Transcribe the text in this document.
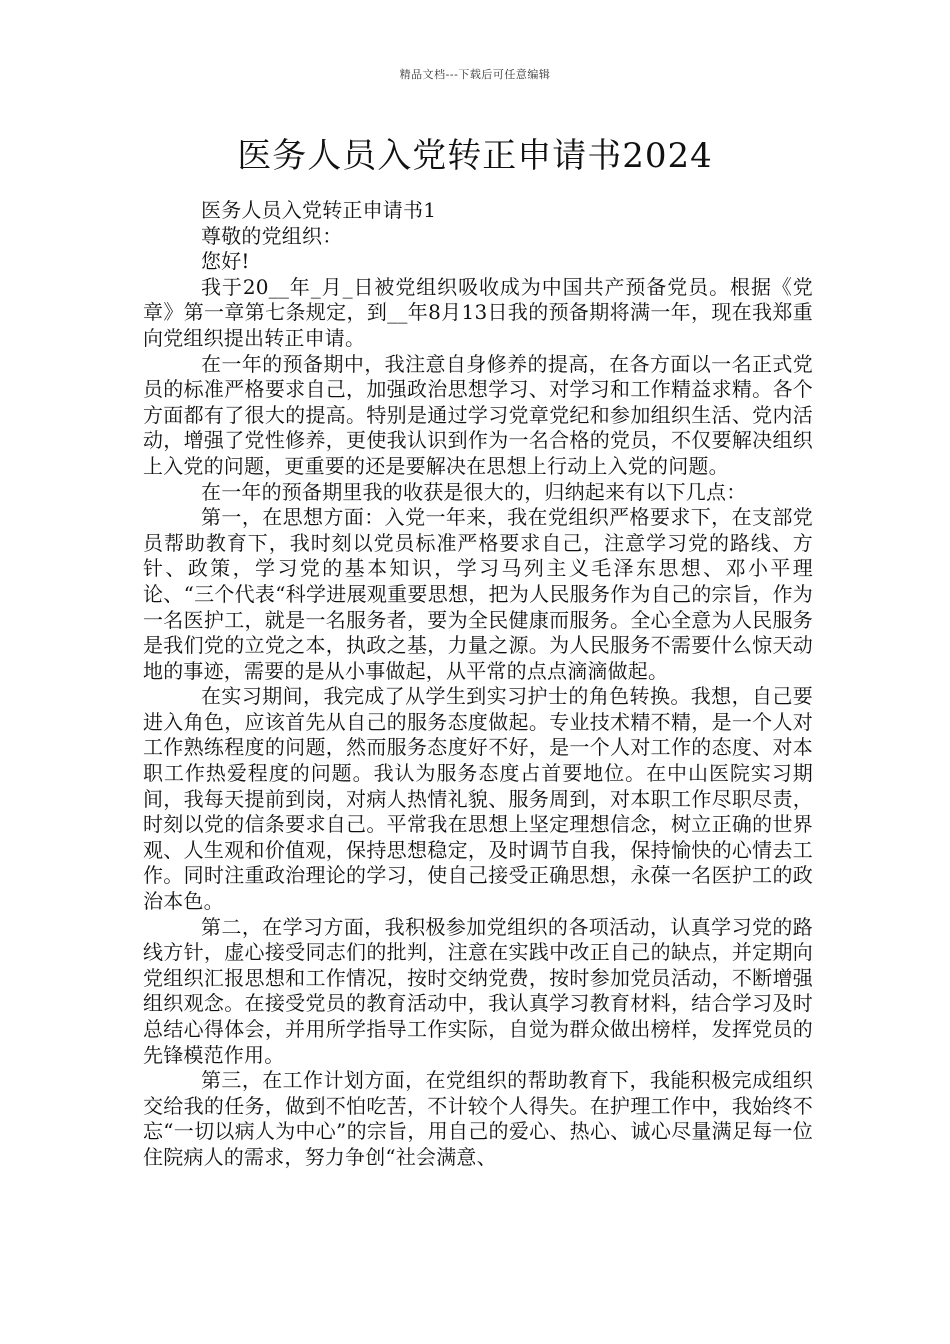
精品文档---下载后可任意编辑
医务人员入党转正申请书2024

医务人员入党转正申请书1

尊敬的党组织：

您好!

我于20__年_月_日被党组织吸收成为中国共产预备党员。根据《党章》第一章第七条规定，到__年8月13日我的预备期将满一年，现在我郑重向党组织提出转正申请。

在一年的预备期中，我注意自身修养的提高，在各方面以一名正式党员的标准严格要求自己，加强政治思想学习、对学习和工作精益求精。各个方面都有了很大的提高。特别是通过学习党章党纪和参加组织生活、党内活动，增强了党性修养，更使我认识到作为一名合格的党员，不仅要解决组织上入党的问题，更重要的还是要解决在思想上行动上入党的问题。

在一年的预备期里我的收获是很大的，归纳起来有以下几点：

第一，在思想方面：入党一年来，我在党组织严格要求下，在支部党员帮助教育下，我时刻以党员标准严格要求自己，注意学习党的路线、方针、政策，学习党的基本知识，学习马列主义毛泽东思想、邓小平理论、“三个代表“科学进展观重要思想，把为人民服务作为自己的宗旨，作为一名医护工，就是一名服务者，要为全民健康而服务。全心全意为人民服务是我们党的立党之本，执政之基，力量之源。为人民服务不需要什么惊天动地的事迹，需要的是从小事做起，从平常的点点滴滴做起。

在实习期间，我完成了从学生到实习护士的角色转换。我想，自己要进入角色，应该首先从自己的服务态度做起。专业技术精不精，是一个人对工作熟练程度的问题，然而服务态度好不好，是一个人对工作的态度、对本职工作热爱程度的问题。我认为服务态度占首要地位。在中山医院实习期间，我每天提前到岗，对病人热情礼貌、服务周到，对本职工作尽职尽责，时刻以党的信条要求自己。平常我在思想上坚定理想信念，树立正确的世界观、人生观和价值观，保持思想稳定，及时调节自我，保持愉快的心情去工作。同时注重政治理论的学习，使自己接受正确思想，永葆一名医护工的政治本色。

第二，在学习方面，我积极参加党组织的各项活动，认真学习党的路线方针，虚心接受同志们的批判，注意在实践中改正自己的缺点，并定期向党组织汇报思想和工作情况，按时交纳党费，按时参加党员活动，不断增强组织观念。在接受党员的教育活动中，我认真学习教育材料，结合学习及时总结心得体会，并用所学指导工作实际，自觉为群众做出榜样，发挥党员的先锋模范作用。

第三，在工作计划方面，在党组织的帮助教育下，我能积极完成组织交给我的任务，做到不怕吃苦，不计较个人得失。在护理工作中，我始终不忘“一切以病人为中心”的宗旨，用自己的爱心、热心、诚心尽量满足每一位住院病人的需求，努力争创“社会满意、
